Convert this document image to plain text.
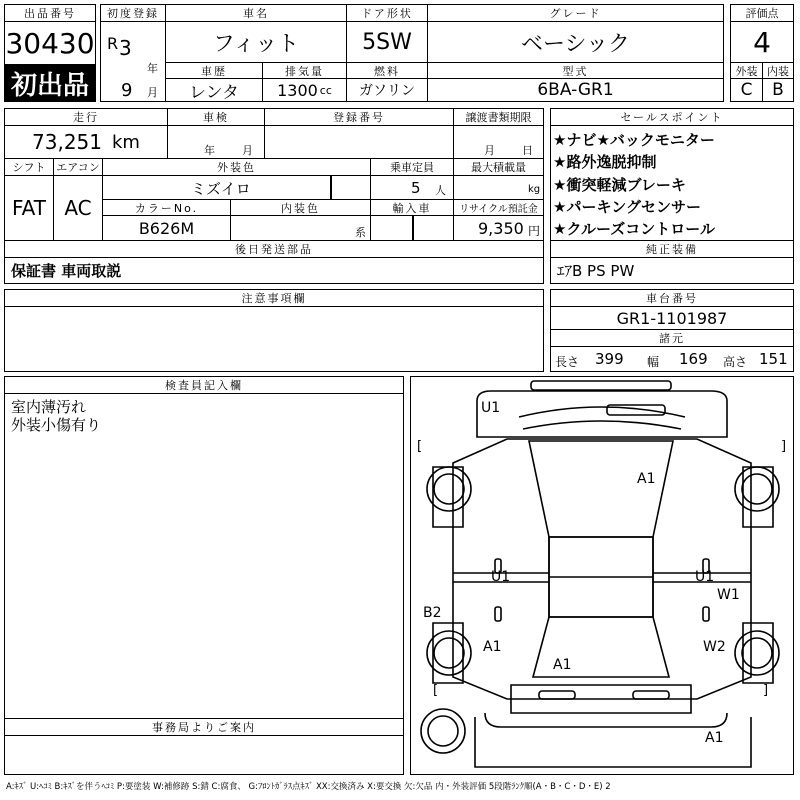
出品番号
30430
初出品
初度登録
R 3
年
9 月
車名
フィット
車歴
レンタ
排気量
1300 cc
ドア形状
5SW
燃料
ガソリン
グレード
ベーシック
型式
6BA-GR1
評価点
4
外装 内装
C	B
走行
73,251 km
車検
年 月
登録番号	譲渡書類期限
月 日
シフト
FAT
エアコン
AC
外装色
ミズイロ
カラーNo.
B626M
内装色
系
乗車定員
5 人
輸入車
最大積載量
kg
リサイクル預託金
9,350 円
セールスポイント
★ナビ★バックモニター
★路外逸脱抑制
★衝突軽減ブレーキ
★パーキングセンサー
★クルーズコントロール
後日発送部品
保証書 車両取説
純正装備
ｴｱB PS PW
注意事項欄	車台番号
GR1-1101987
諸元
長さ 399 幅 169 高さ 151
検査員記入欄
室内薄汚れ
外装小傷有り
事務局よりご案内
U1
[	]
A1
U1	U1
W1
B2
A1
A1
W2
[	]
A1
A:ｷｽﾞ U:ﾍｺﾐ B:ｷｽﾞを伴うﾍｺﾐ P:要塗装 W:補修跡 S:錆 C:腐食、 G:ﾌﾛﾝﾄｶﾞﾗｽ点ｷｽﾞ XX:交換済み X:要交換 欠:欠品 内・外装評価 5段階ﾗﾝｸ順(A・B・C・D・E) 2
